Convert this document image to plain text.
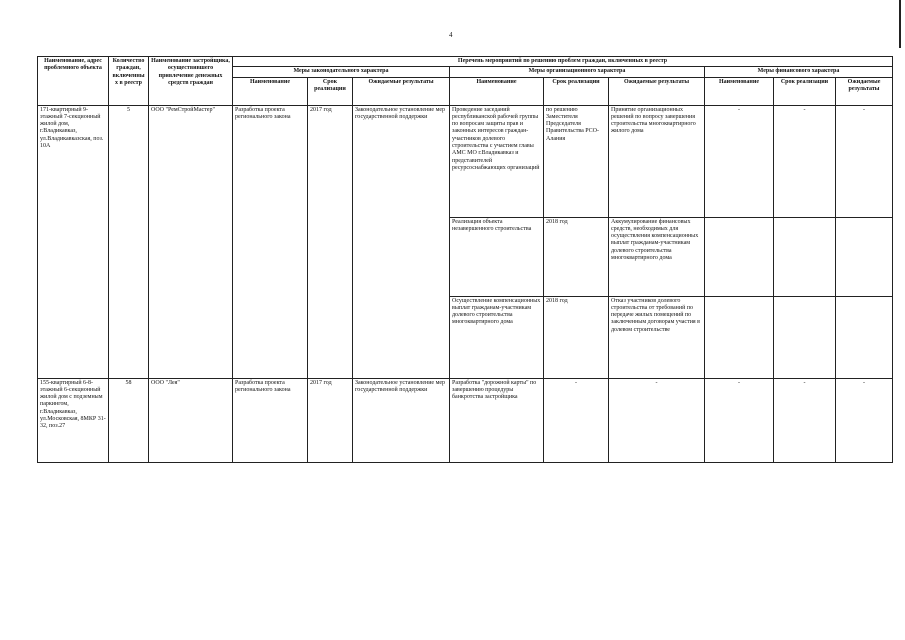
4
Наименование, адрес проблемного объекта	Количество граждан, включенных в реестр	Наименование застройщика, осуществившего привлечение денежных средств граждан	Перечень мероприятий по решению проблем граждан, включенных в реестр								
			Меры законодательного характера			Меры организационного характера			Меры финансового характера		
			Наименование	Срок реализации	Ожидаемые результаты	Наименование	Срок реализации	Ожидаемые результаты	Наименование	Срок реализации	Ожидаемые результаты
171-квартирный 9-этажный 7-секционный жилой дом, г.Владикавказ, ул.Владикавказская, поз. 10А	5	ООО "РемСтройМастер"	Разработка проекта регионального закона	2017 год	Законодательное установление мер государственной поддержки	Проведение заседаний республиканской рабочей группы по вопросам защиты прав и законных интересов граждан-участников долевого строительства с участием главы АМС МО г.Владикавказ и представителей ресурсоснабжающих организаций	по решению Заместителя Председателя Правительства РСО-Алания	Принятие организационных решений по вопросу завершения строительства многоквартирного жилого дома	-	-	-
						Реализация объекта незавершенного строительства	2018 год	Аккумулирование финансовых средств, необходимых для осуществления компенсационных выплат гражданам-участникам долевого строительства многоквартирного дома			
						Осуществление компенсационных выплат гражданам-участникам долевого строительства многоквартирного дома	2018 год	Отказ участников долевого строительства от требований по передаче жилых помещений по заключенным договорам участия в долевом строительстве			
155-квартирный 6-8-этажный 6-секционный жилой дом с подземным паркингом, г.Владикавказ, ул.Московская, 8МКР 31-32, поз.27	58	ООО "Лея"	Разработка проекта регионального закона	2017 год	Законодательное установление мер государственной поддержки	Разработка "дорожной карты" по завершению процедуры банкротства застройщика	-	-	-	-	-
